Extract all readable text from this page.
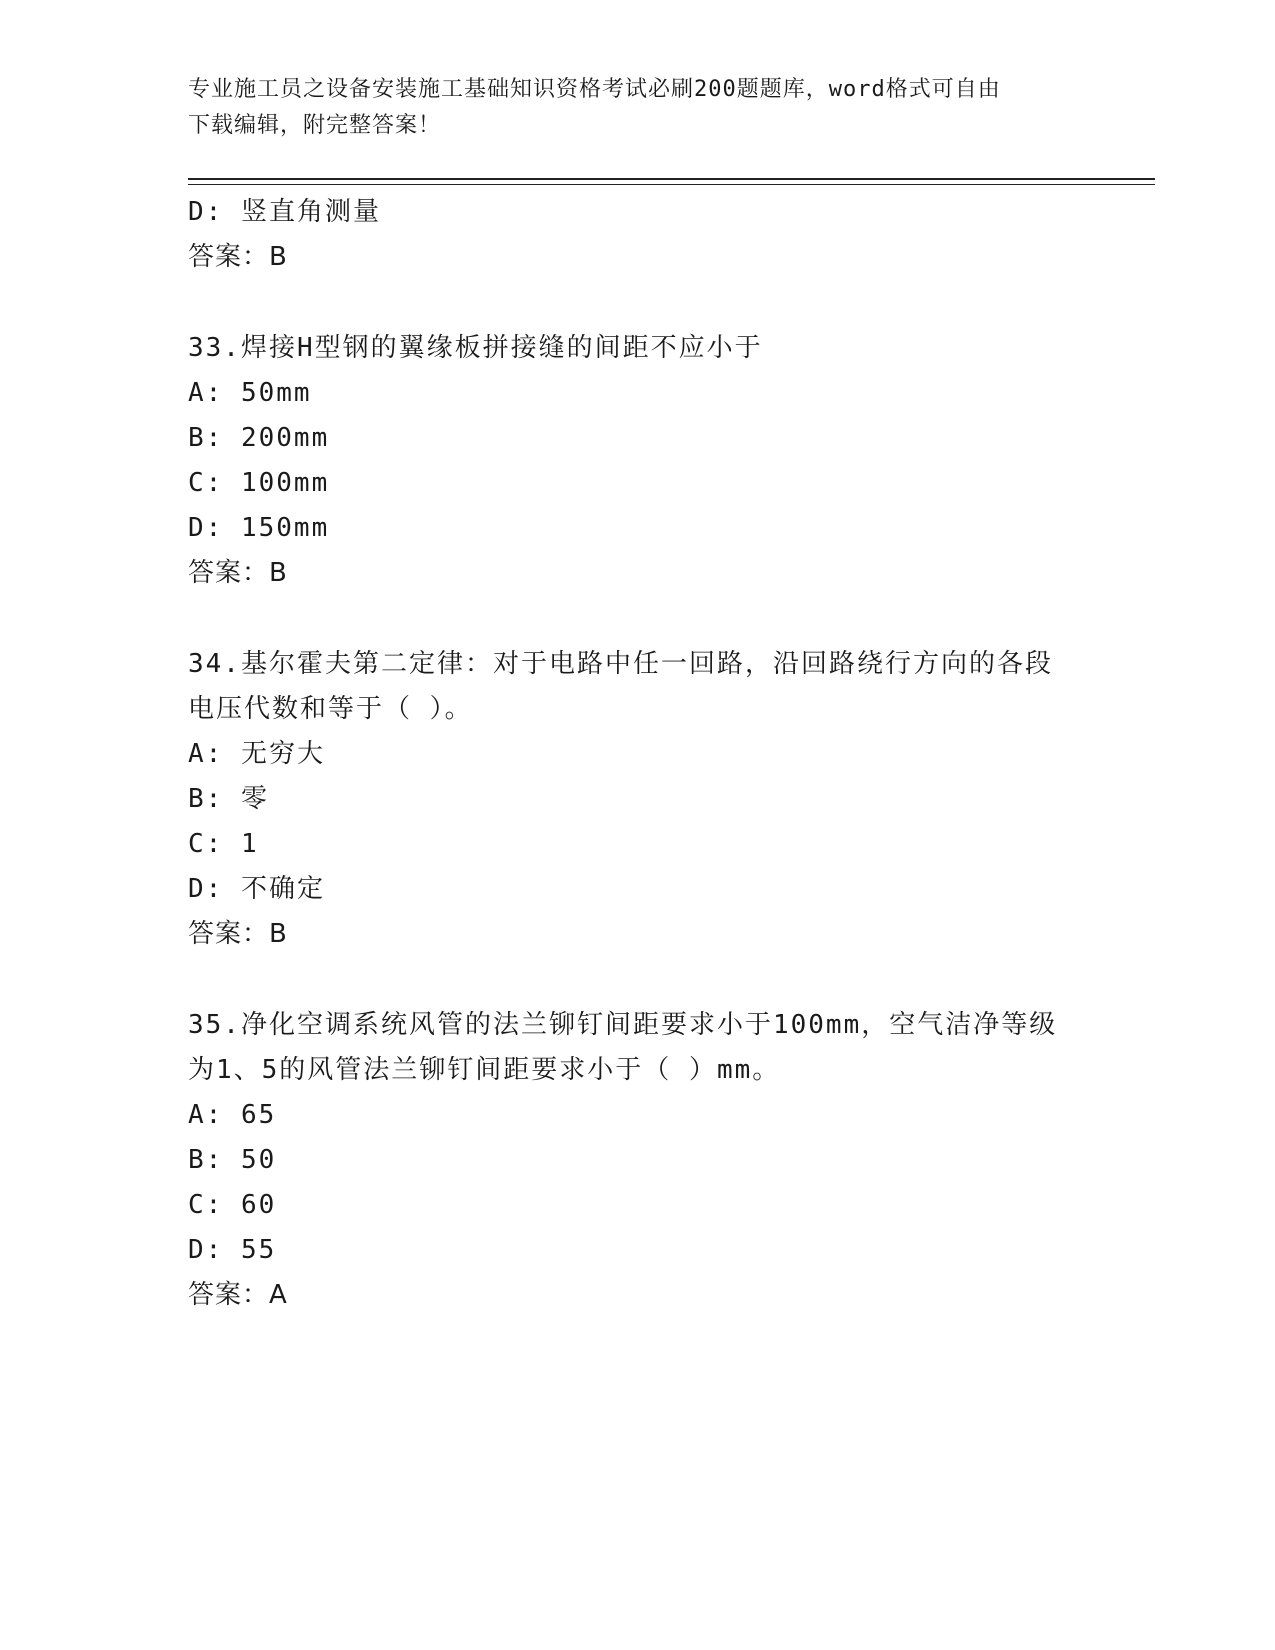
专业施工员之设备安装施工基础知识资格考试必刷200题题库，word格式可自由
下载编辑，附完整答案！
D: 竖直角测量
答案：B
33.焊接H型钢的翼缘板拼接缝的间距不应小于
A: 50mm
B: 200mm
C: 100mm
D: 150mm
答案：B
34.基尔霍夫第二定律：对于电路中任一回路，沿回路绕行方向的各段
电压代数和等于（ ）。
A: 无穷大
B: 零
C: 1
D: 不确定
答案：B
35.净化空调系统风管的法兰铆钉间距要求小于100mm，空气洁净等级
为1、5的风管法兰铆钉间距要求小于（ ）mm。
A: 65
B: 50
C: 60
D: 55
答案：A
